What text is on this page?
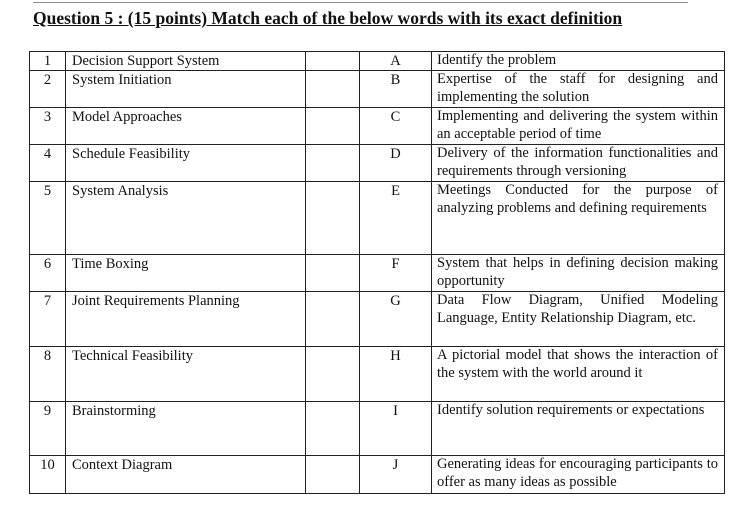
Question 5 : (15 points) Match each of the below words with its exact definition
1	Decision Support System		A	Identify the problem
2	System Initiation		B	Expertise of the staff for designing and implementing the solution
3	Model Approaches		C	Implementing and delivering the system within an acceptable period of time
4	Schedule Feasibility		D	Delivery of the information functionalities and requirements through versioning
5	System Analysis		E	Meetings Conducted for the purpose of analyzing problems and defining requirements
6	Time Boxing		F	System that helps in defining decision making opportunity
7	Joint Requirements Planning		G	Data Flow Diagram, Unified Modeling Language, Entity Relationship Diagram, etc.
8	Technical Feasibility		H	A pictorial model that shows the interaction of the system with the world around it
9	Brainstorming		I	Identify solution requirements or expectations
10	Context Diagram		J	Generating ideas for encouraging participants to offer as many ideas as possible
